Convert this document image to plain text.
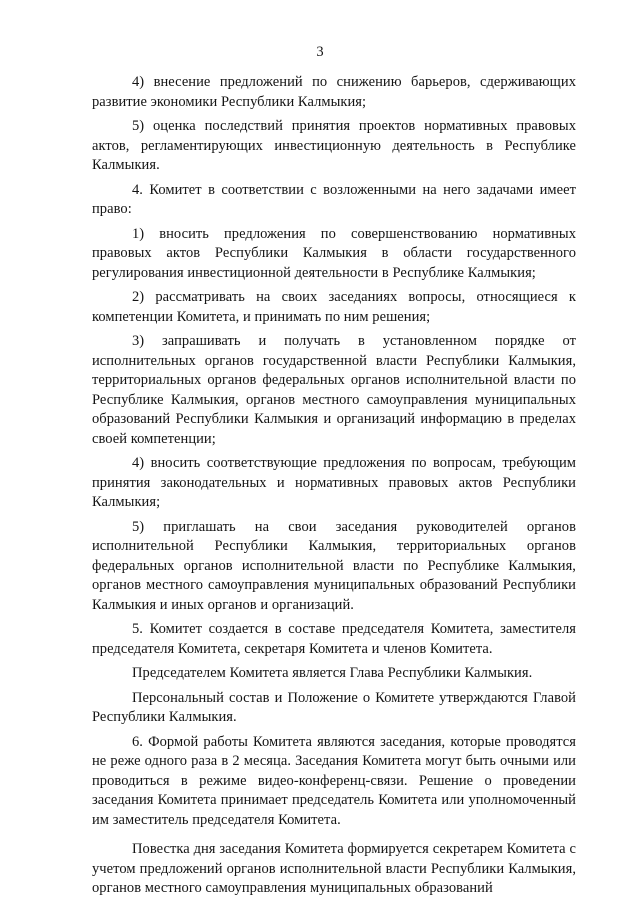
3

4) внесение предложений по снижению барьеров, сдерживающих развитие экономики Республики Калмыкия;

5) оценка последствий принятия проектов нормативных правовых актов, регламентирующих инвестиционную деятельность в Республике Калмыкия.

4. Комитет в соответствии с возложенными на него задачами имеет право:

1) вносить предложения по совершенствованию нормативных правовых актов Республики Калмыкия в области государственного регулирования инвестиционной деятельности в Республике Калмыкия;

2) рассматривать на своих заседаниях вопросы, относящиеся к компетенции Комитета, и принимать по ним решения;

3) запрашивать и получать в установленном порядке от исполнительных органов государственной власти Республики Калмыкия, территориальных органов федеральных органов исполнительной власти по Республике Калмыкия, органов местного самоуправления муниципальных образований Республики Калмыкия и организаций информацию в пределах своей компетенции;

4) вносить соответствующие предложения по вопросам, требующим принятия законодательных и нормативных правовых актов Республики Калмыкия;

5) приглашать на свои заседания руководителей органов исполнительной Республики Калмыкия, территориальных органов федеральных органов исполнительной власти по Республике Калмыкия, органов местного самоуправления муниципальных образований Республики Калмыкия и иных органов и организаций.

5. Комитет создается в составе председателя Комитета, заместителя председателя Комитета, секретаря Комитета и членов Комитета.

Председателем Комитета является Глава Республики Калмыкия.

Персональный состав и Положение о Комитете утверждаются Главой Республики Калмыкия.

6. Формой работы Комитета являются заседания, которые проводятся не реже одного раза в 2 месяца. Заседания Комитета могут быть очными или проводиться в режиме видео-конференц-связи. Решение о проведении заседания Комитета принимает председатель Комитета или уполномоченный им заместитель председателя Комитета.

Повестка дня заседания Комитета формируется секретарем Комитета с учетом предложений органов исполнительной власти Республики Калмыкия, органов местного самоуправления муниципальных образований
